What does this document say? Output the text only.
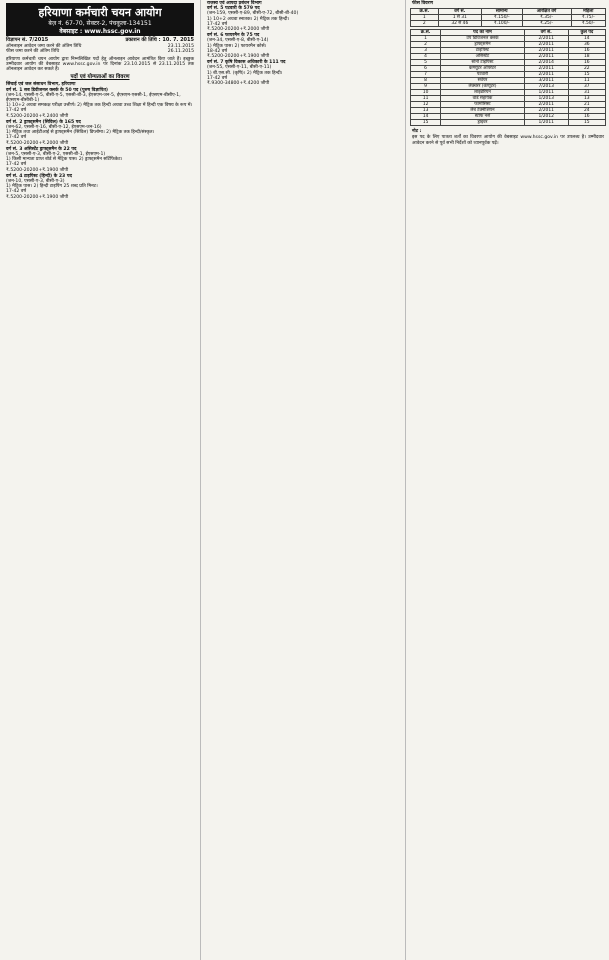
हरियाणा कर्मचारी चयन आयोग
बेज़ नं. 67-70, सेक्टर-2, पंचकूला-134151
वेबसाइट : www.hssc.gov.in
विज्ञापन सं. 7/2015	प्रकाशन की तिथि : 10. 7. 2015
ऑनलाइन आवेदन जमा करने की अंतिम तिथि	23.11.2015
फीस जमा करने की अंतिम तिथि	26.11.2015
हरियाणा कर्मचारी चयन आयोग द्वारा निम्नलिखित पदों हेतु ऑनलाइन आवेदन आमंत्रित किए जाते हैं। इच्छुक उम्मीदवार आयोग की वेबसाइट www.hssc.gov.in पर दिनांक 23.10.2015 से 23.11.2015 तक ऑनलाइन आवेदन कर सकते हैं।
पदों एवं योग्यताओं का विवरण
सिंचाई एवं जल संसाधन विभाग, हरियाणा
वर्ग सं. 1 सब डिवीजनल क्लर्क के 50 पद (पुरुष विज्ञापित)
(जन-14, एससी-ए-5, बीसी-ए-5, एससी-बी-3, ईएसएम-जन-5, ईएसएम-एससी-1, ईएसएम-बीसीए-1, ईएसएम-बीसीबी-1)
1) 10+2 अथवा समकक्ष परीक्षा उत्तीर्ण। 2) मैट्रिक तक हिन्दी अथवा उच्च शिक्षा में हिन्दी एक विषय के रूप में।
17-42 वर्ष
₹.5200-20200+₹.2400 जीपी
वर्ग सं. 2 ड्राफ्ट्समैन (सिविल) के 165 पद
(जन-62, एससी-ए-16, बीसी-ए-12, ईएसएम-जन-16)
1) मैट्रिक तथा आईटीआई से ड्राफ्ट्समैन (सिविल) डिप्लोमा। 2) मैट्रिक तक हिन्दी/संस्कृत।
17-42 वर्ष
₹.5200-20200+₹.2000 जीपी
वर्ग सं. 3 असिस्टेंट ड्राफ्ट्समैन के 22 पद
(जन-5, एससी-ए-3, बीसी-ए-2, एससी-बी-1, ईएसएम-1)
1) किसी मान्यता प्राप्त बोर्ड से मैट्रिक पास। 2) ड्राफ्ट्समैन सर्टिफिकेट।
17-42 वर्ष
₹.5200-20200+₹.1900 जीपी
वर्ग सं. 4 टाइपिस्ट (हिन्दी) के 23 पद
(जन-10, एससी-ए-3, बीसी-ए-3)
1) मैट्रिक पास। 2) हिन्दी टाइपिंग 25 शब्द प्रति मिनट।
17-42 वर्ष
₹.5200-20200+₹.1900 जीपी
राजस्व एवं आपदा प्रबंधन विभाग
वर्ग सं. 5 पटवारी के 579 पद
(जन-159, एससी-ए-89, बीसी-ए-72, बीसी-बी-40)
1) 10+2 अथवा स्नातक। 2) मैट्रिक तक हिन्दी।
17-42 वर्ष
₹.5200-20200+₹.2000 जीपी
वर्ग सं. 6 फायरमैन के 75 पद
(जन-34, एससी-ए-8, बीसी-ए-14)
1) मैट्रिक पास। 2) फायरमैन कोर्स।
18-42 वर्ष
₹.5200-20200+₹.1900 जीपी
वर्ग सं. 7 कृषि विकास अधिकारी के 111 पद
(जन-55, एससी-ए-11, बीसी-ए-11)
1) बी.एस.सी. (कृषि)। 2) मैट्रिक तक हिन्दी।
17-42 वर्ष
₹.9300-34800+₹.4200 जीपी
फीस विवरण
क्र.सं.	वर्ग सं.	सामान्य	आरक्षित वर्ग	महिला
1	1 से 31	₹.150/-	₹.35/-	₹.75/-
2	32 से 46	₹.100/-	₹.25/-	₹.50/-
क्र.सं.	पद का नाम	वर्ग सं.	कुल पद
1	उप डिविजनल क्लर्क	2/2011	14
2	ड्राफ्ट्समैन	2/2011	36
3	टाइपिस्ट	2/2011	16
4	असिस्टेंट	2/2011	18
5	स्टेनो टाइपिस्ट	2/2014	16
6	कम्प्यूटर ऑपरेटर	2/2011	22
7	पटवारी	2/2011	15
8	सर्वेयर	3/2011	11
9	लेक्चरर (कंप्यूटर)	7/2013	37
10	लाइब्रेरियन	1/2011	31
11	वार्ड सहायक	1/2013	13
12	फार्मासिस्ट	2/2011	21
13	लैब टेक्नीशियन	2/2011	24
14	स्टाफ नर्स	1/2012	16
15	ड्राइवर	1/2011	15
नोट :
इस पद के लिए पात्रता शर्तों का विवरण आयोग की वेबसाइट www.hssc.gov.in पर उपलब्ध है। उम्मीदवार आवेदन करने से पूर्व सभी निर्देशों को ध्यानपूर्वक पढ़ें।
